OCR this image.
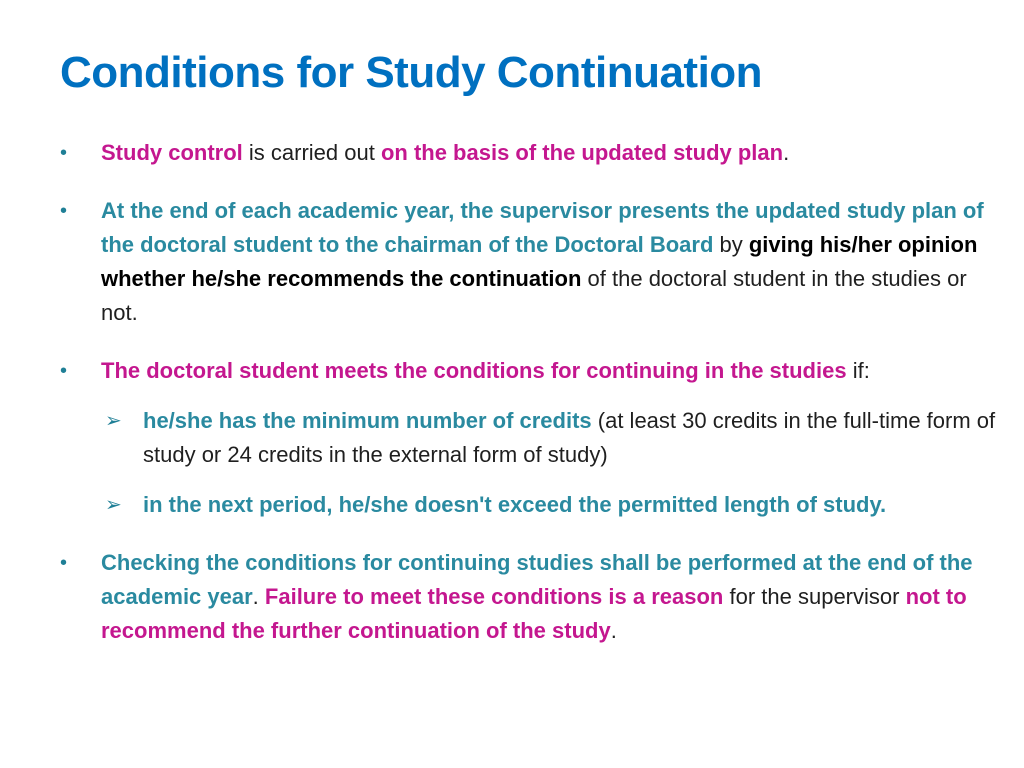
Conditions for Study Continuation
•	Study control is carried out on the basis of the updated study plan.
•	At the end of each academic year, the supervisor presents the updated study plan of the doctoral student to the chairman of the Doctoral Board by giving his/her opinion whether he/she recommends the continuation of the doctoral student in the studies or not.
•	The doctoral student meets the conditions for continuing in the studies if:
➢ he/she has the minimum number of credits (at least 30 credits in the full-time form of study or 24 credits in the external form of study)
➢ in the next period, he/she doesn't exceed the permitted length of study.
•	Checking the conditions for continuing studies shall be performed at the end of the academic year. Failure to meet these conditions is a reason for the supervisor not to recommend the further continuation of the study.
